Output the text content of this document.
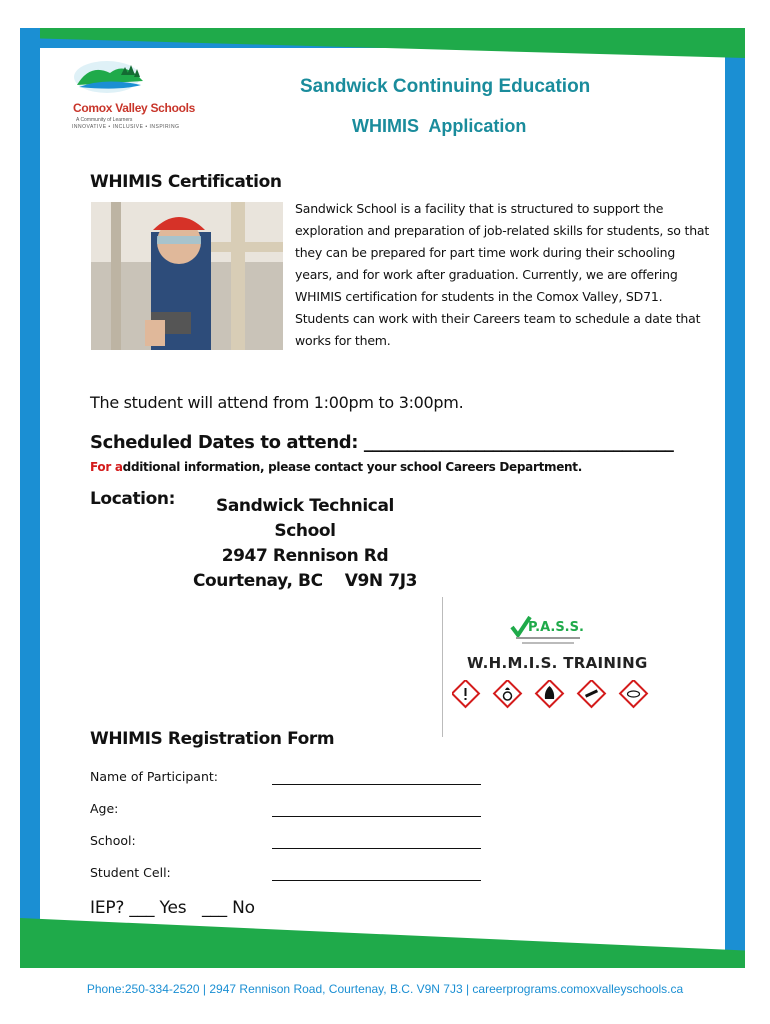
Comox Valley Schools
A Community of Learners
INNOVATIVE • INCLUSIVE • INSPIRING
Sandwick Continuing Education
WHIMIS  Application
WHIMIS Certification
Sandwick School is a facility that is structured to support the exploration and preparation of job-related skills for students, so that they can be prepared for part time work during their schooling years, and for work after graduation. Currently, we are offering WHIMIS certification for students in the Comox Valley, SD71. Students can work with their Careers team to schedule a date that works for them.
The student will attend from 1:00pm to 3:00pm.
Scheduled Dates to attend: ____________________________________
For additional information, please contact your school Careers Department.
Location:	Sandwick Technical
School
2947 Rennison Rd
Courtenay, BC    V9N 7J3
P.A.S.S.
W.H.M.I.S. TRAINING
WHIMIS Registration Form
Name of Participant:
Age:
School:
Student Cell:
IEP? ___ Yes   ___ No
Phone:250-334-2520 | 2947 Rennison Road, Courtenay, B.C. V9N 7J3 | careerprograms.comoxvalleyschools.ca
